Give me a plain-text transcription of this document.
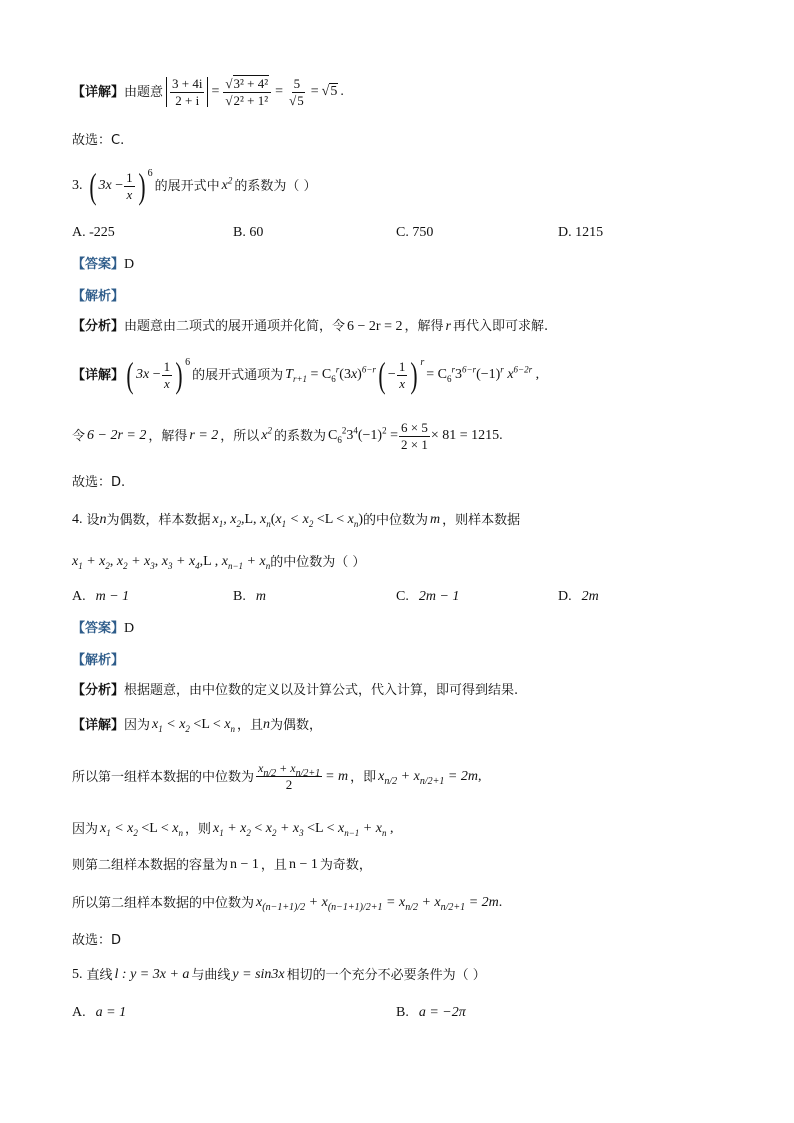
【详解】 由题意 $\frac{3 + 4i}{2 + i} = \frac{\text{√3² + 4²}}{\text{√2² + 1²}} = \frac{5}{√5} = √5$ .
故选：C.
3. ( $3x - \frac{1}{x} )^6$
的展开式中 $x^2$ 的系数为（ ）
A. -225	B. 60	C. 750	D. 1215
【答案】D
【解析】
【分析】由题意由二项式的展开通项并化简，令 6 − 2r = 2 ，解得 r 再代入即可求解.
【详解】 ( $3x - \frac{1}{x} )^6$
的展开式通项为 $T_{r+1} = C_6^r(3x)^{6-r}$ ( − $\frac{1}{x} )^r$
= $C_6^r3^{6-r}(-1)^r$ $x^{6-2r}$ ,
令 6 − 2r = 2 ，解得 r = 2 ，所以 $x^2$ 的系数为 $C_6^23^4(-1)^2 = \frac{6 \times 5}{2 \times 1} \times 81 = 1215$ .
故选：D.
4. 设 n 为偶数，样本数据 $x_1$, $x_2$, L , $x_n(x_1 < x_2 <L < x_n)$ 的中位数为 m ，则样本数据
$x_1 + x_2$, $x_2 + x_3$, $x_3 + x_4,L$ , $x_{n-1} + x_n$ 的中位数为（ ）
A. m − 1	B. m	C. 2m − 1	D. 2m
【答案】D
【解析】
【分析】根据题意，由中位数的定义以及计算公式，代入计算，即可得到结果.
【详解】 因为 $x_1 < x_2 <L < x_n$ ，且 n 为偶数，
所以第一组样本数据的中位数为 $\frac{x_{n/2} + x_{n/2+1}}{2} = m$ ，即 $x_{n/2} + x_{n/2+1} = 2m$ ,
因为 $x_1 < x_2 <L < x_n$ ，则 $x_1 + x_2 < x_2 + x_3 <L < x_{n-1} + x_n$ ,
则第二组样本数据的容量为 n − 1 ，且 n − 1 为奇数，
所以第二组样本数据的中位数为 $x_{(n-1+1)/2} + x_{(n-1+1)/2+1} = x_{n/2} + x_{n/2+1} = 2m$ .
故选：D
5. 直线 l : y = 3x + a 与曲线 y = sin3x 相切的一个充分不必要条件为（ ）
A. a = 1	B. a = −2π
